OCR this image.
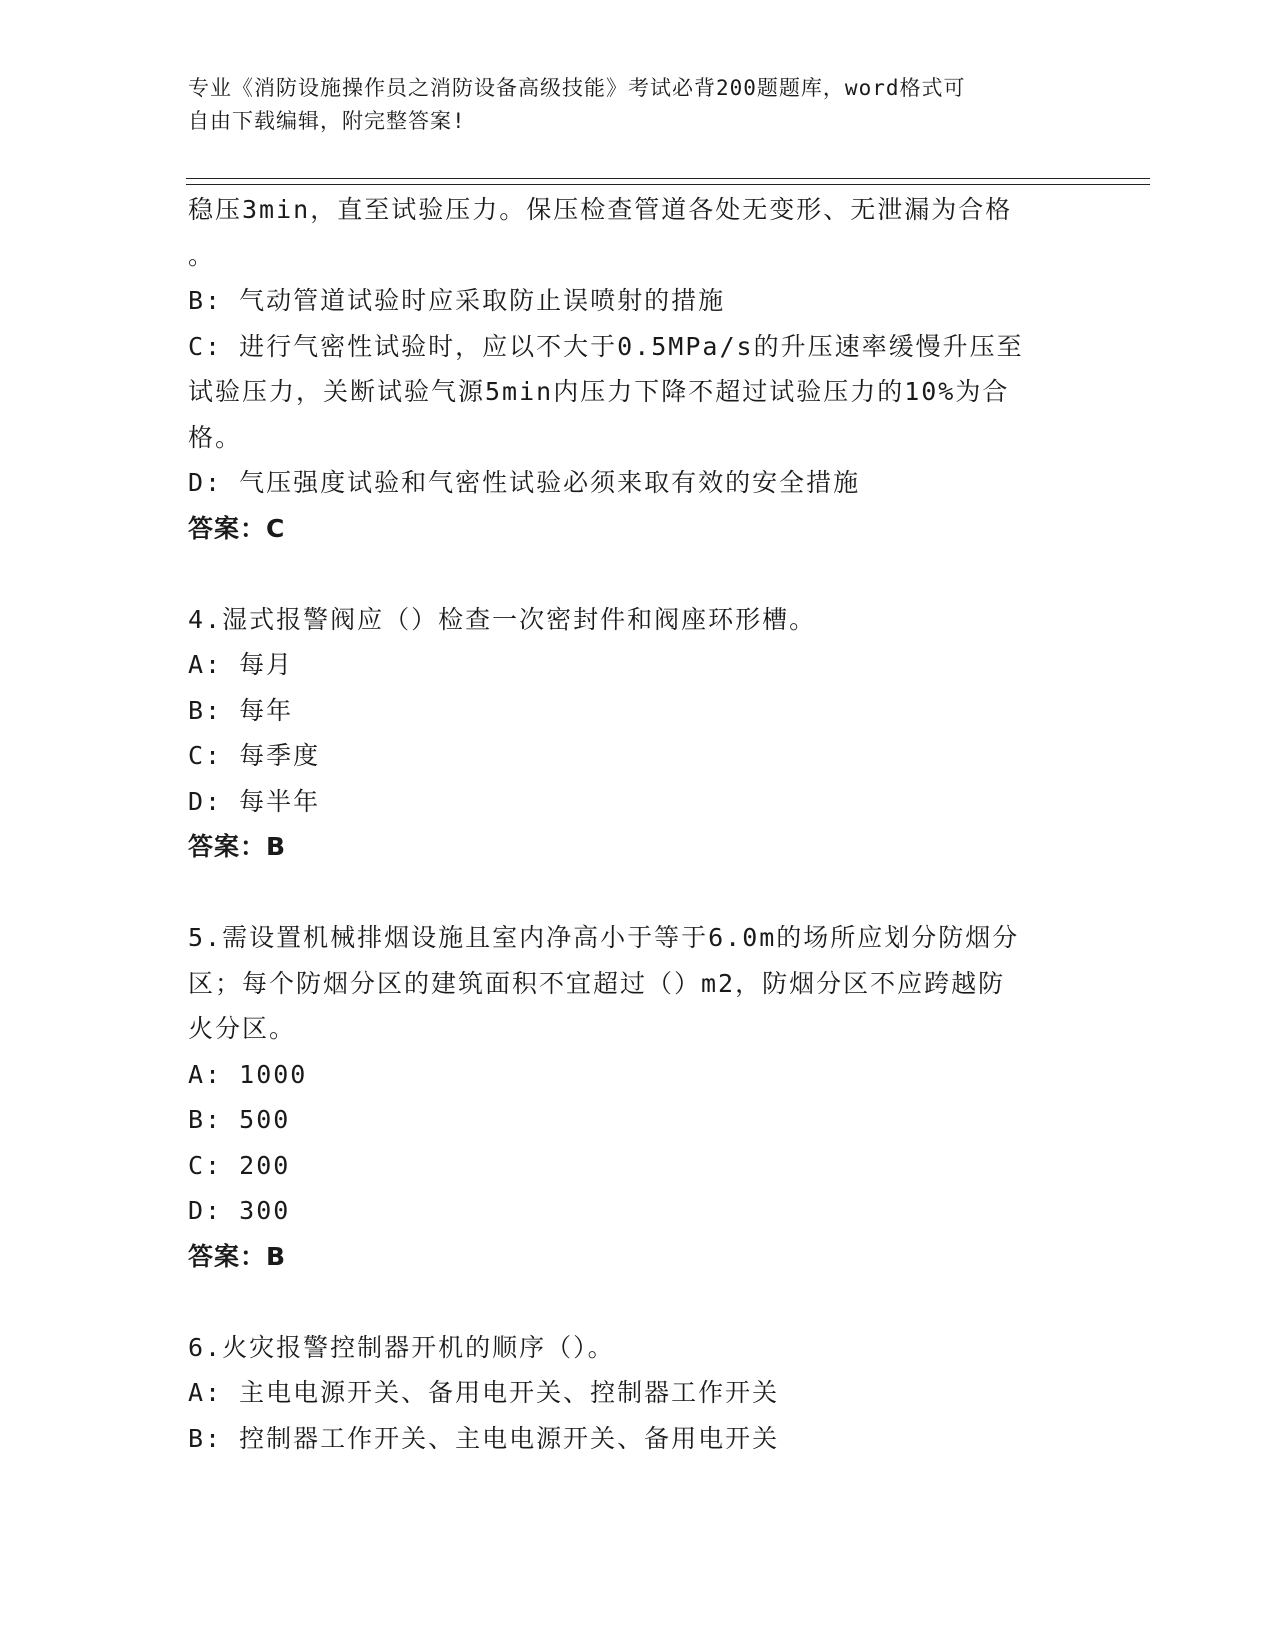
专业《消防设施操作员之消防设备高级技能》考试必背200题题库，word格式可
自由下载编辑，附完整答案!
稳压3min，直至试验压力。保压检查管道各处无变形、无泄漏为合格
。
B: 气动管道试验时应采取防止误喷射的措施
C: 进行气密性试验时，应以不大于0.5MPa/s的升压速率缓慢升压至
试验压力，关断试验气源5min内压力下降不超过试验压力的10%为合
格。
D: 气压强度试验和气密性试验必须来取有效的安全措施
答案：C
4.湿式报警阀应（）检查一次密封件和阀座环形槽。
A: 每月
B: 每年
C: 每季度
D: 每半年
答案：B
5.需设置机械排烟设施且室内净高小于等于6.0m的场所应划分防烟分
区；每个防烟分区的建筑面积不宜超过（）m2，防烟分区不应跨越防
火分区。
A: 1000
B: 500
C: 200
D: 300
答案：B
6.火灾报警控制器开机的顺序（）。
A: 主电电源开关、备用电开关、控制器工作开关
B: 控制器工作开关、主电电源开关、备用电开关
